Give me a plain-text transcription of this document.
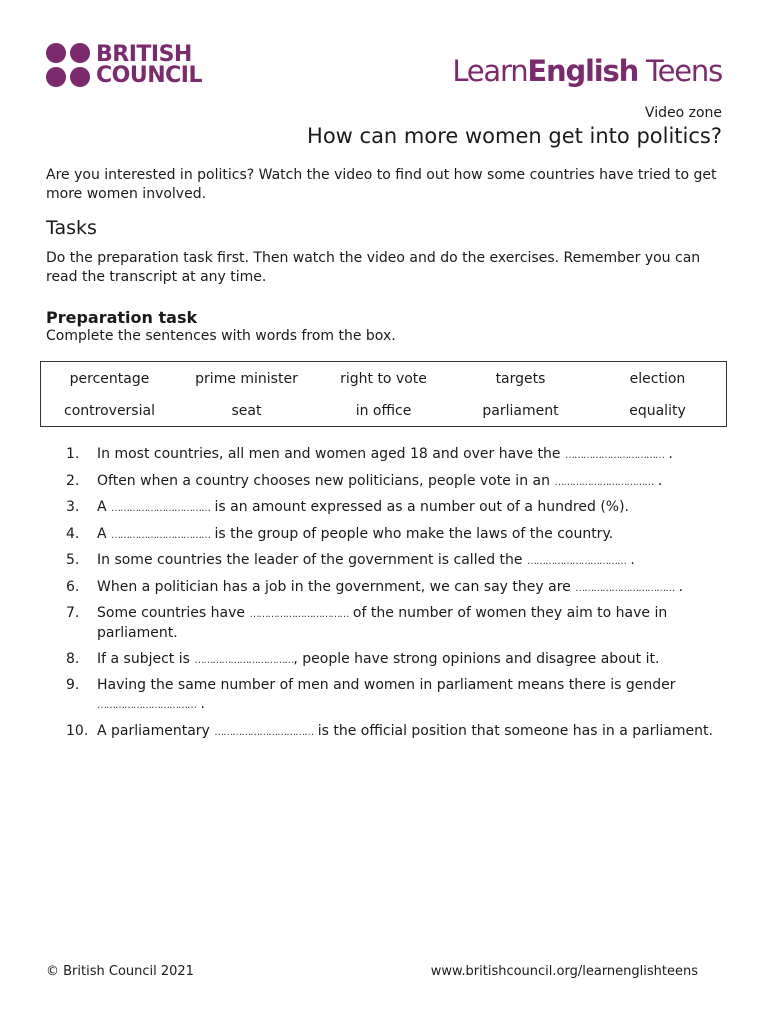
BRITISH
COUNCIL	LearnEnglish Teens
Video zone
How can more women get into politics?
Are you interested in politics? Watch the video to find out how some countries have tried to get more women involved.
Tasks
Do the preparation task first. Then watch the video and do the exercises. Remember you can read the transcript at any time.
Preparation task
Complete the sentences with words from the box.
percentage	prime minister	right to vote	targets	election
controversial	seat	in office	parliament	equality
1.	In most countries, all men and women aged 18 and over have the …………………………… .
2.	Often when a country chooses new politicians, people vote in an …………………………… .
3.	A …………………………… is an amount expressed as a number out of a hundred (%).
4.	A …………………………… is the group of people who make the laws of the country.
5.	In some countries the leader of the government is called the …………………………… .
6.	When a politician has a job in the government, we can say they are …………………………… .
7.	Some countries have …………………………… of the number of women they aim to have in parliament.
8.	If a subject is ……………………………, people have strong opinions and disagree about it.
9.	Having the same number of men and women in parliament means there is gender …………………………… .
10. A parliamentary …………………………… is the official position that someone has in a parliament.
© British Council 2021	www.britishcouncil.org/learnenglishteens
